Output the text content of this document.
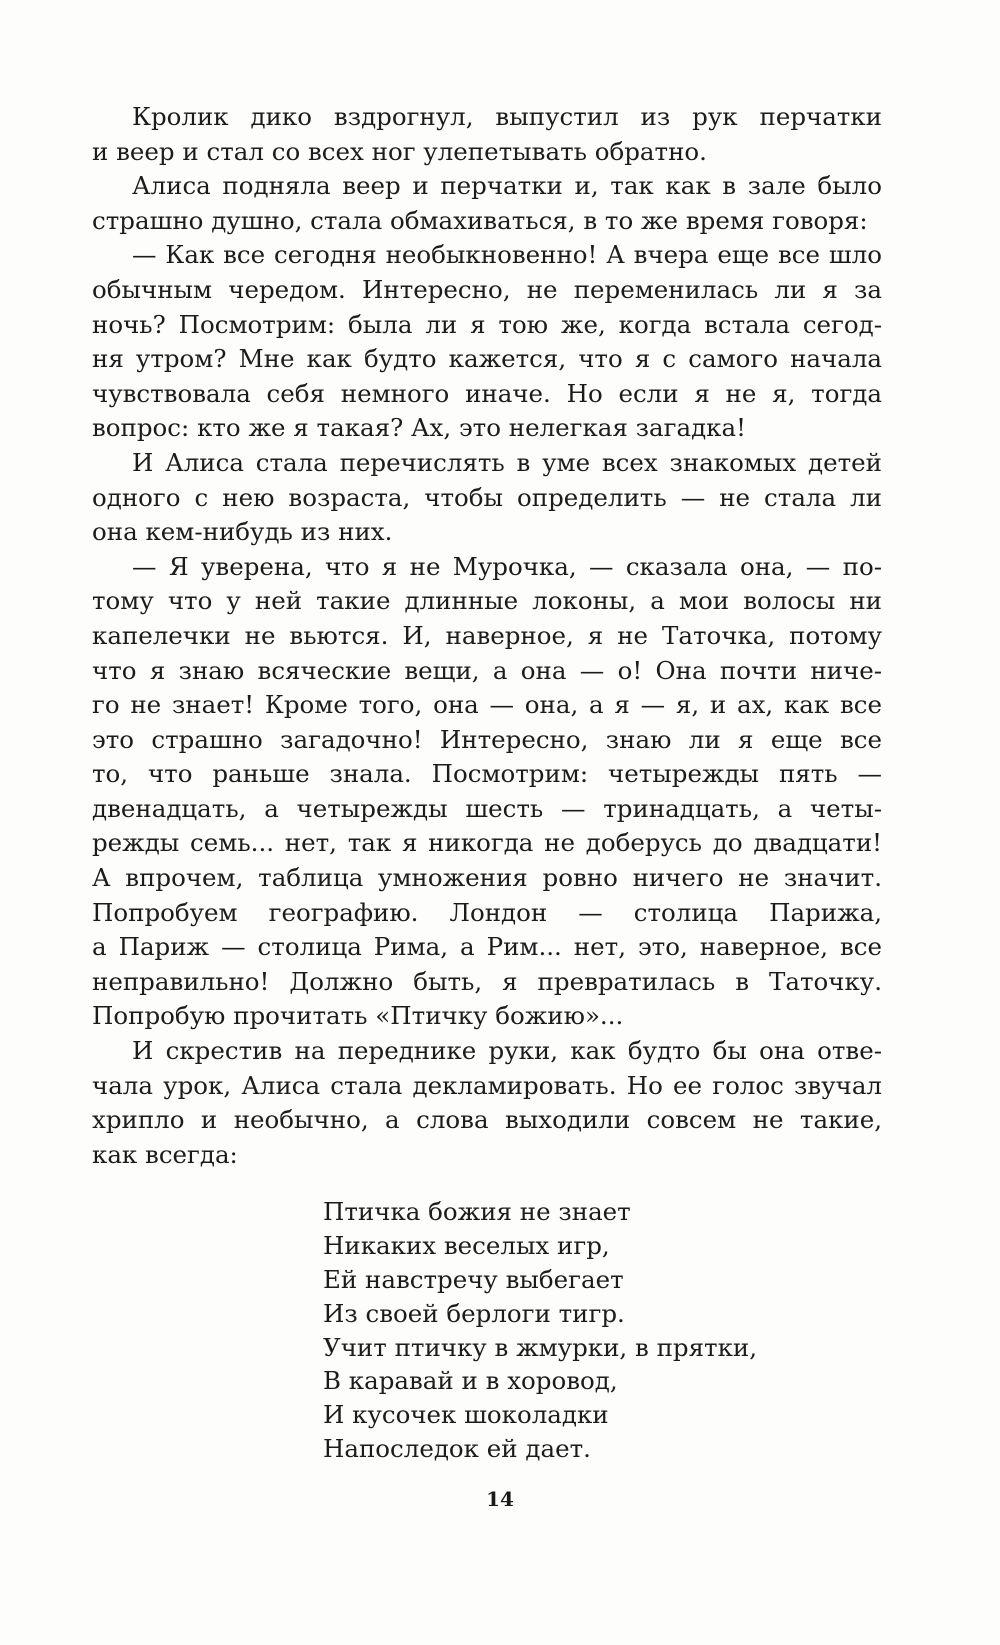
Кролик дико вздрогнул, выпустил из рук перчатки
и веер и стал со всех ног улепетывать обратно.
Алиса подняла веер и перчатки и, так как в зале было
страшно душно, стала обмахиваться, в то же время говоря:
— Как все сегодня необыкновенно! А вчера еще все шло
обычным чередом. Интересно, не переменилась ли я за
ночь? Посмотрим: была ли я тою же, когда встала сегод-
ня утром? Мне как будто кажется, что я с самого начала
чувствовала себя немного иначе. Но если я не я, тогда
вопрос: кто же я такая? Ах, это нелегкая загадка!
И Алиса стала перечислять в уме всех знакомых детей
одного с нею возраста, чтобы определить — не стала ли
она кем-нибудь из них.
— Я уверена, что я не Мурочка, — сказала она, — по-
тому что у ней такие длинные локоны, а мои волосы ни
капелечки не вьются. И, наверное, я не Таточка, потому
что я знаю всяческие вещи, а она — о! Она почти ниче-
го не знает! Кроме того, она — она, а я — я, и ах, как все
это страшно загадочно! Интересно, знаю ли я еще все
то, что раньше знала. Посмотрим: четырежды пять —
двенадцать, а четырежды шесть — тринадцать, а четы-
режды семь... нет, так я никогда не доберусь до двадцати!
А впрочем, таблица умножения ровно ничего не значит.
Попробуем географию. Лондон — столица Парижа,
а Париж — столица Рима, а Рим... нет, это, наверное, все
неправильно! Должно быть, я превратилась в Таточку.
Попробую прочитать «Птичку божию»...
И скрестив на переднике руки, как будто бы она отве-
чала урок, Алиса стала декламировать. Но ее голос звучал
хрипло и необычно, а слова выходили совсем не такие,
как всегда:
Птичка божия не знает
Никаких веселых игр,
Ей навстречу выбегает
Из своей берлоги тигр.
Учит птичку в жмурки, в прятки,
В каравай и в хоровод,
И кусочек шоколадки
Напоследок ей дает.
14
